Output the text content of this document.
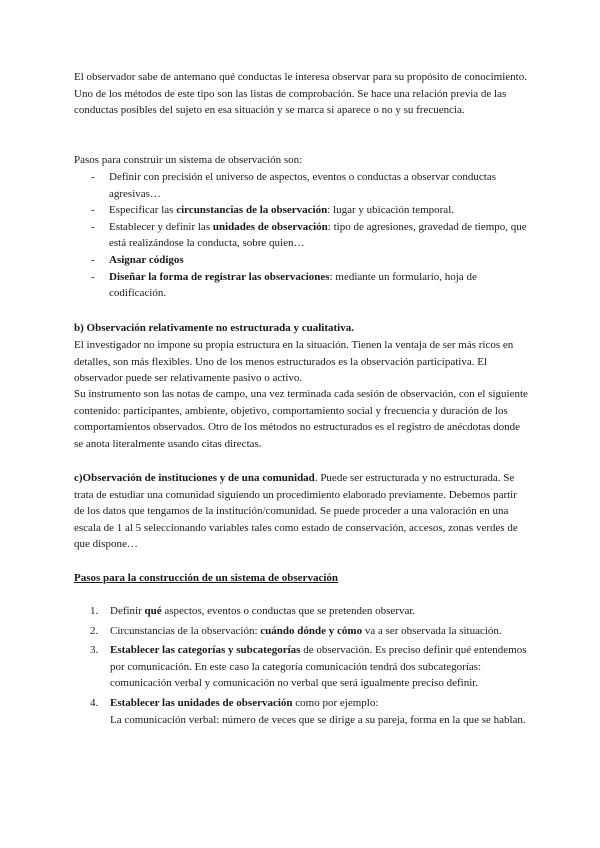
El observador sabe de antemano qué conductas le interesa observar para su propósito de conocimiento. Uno de los métodos de este tipo son las listas de comprobación. Se hace una relación previa de las conductas posibles del sujeto en esa situación y se marca si aparece o no y su frecuencia.

Pasos para construir un sistema de observación son:

- Definir con precisión el universo de aspectos, eventos o conductas a observar conductas agresivas…
- Especificar las circunstancias de la observación: lugar y ubicación temporal.
- Establecer y definir las unidades de observación: tipo de agresiones, gravedad de tiempo, que está realizándose la conducta, sobre quien…
- Asignar códigos
- Diseñar la forma de registrar las observaciones: mediante un formulario, hoja de codificación.

b) Observación relativamente no estructurada y cualitativa.

El investigador no impone su propia estructura en la situación. Tienen la ventaja de ser más ricos en detalles, son más flexibles. Uno de los menos estructurados es la observación participativa. El observador puede ser relativamente pasivo o activo.

Su instrumento son las notas de campo, una vez terminada cada sesión de observación, con el siguiente contenido: participantes, ambiente, objetivo, comportamiento social y frecuencia y duración de los comportamientos observados. Otro de los métodos no estructurados es el registro de anécdotas donde se anota literalmente usando citas directas.

c)Observación de instituciones y de una comunidad. Puede ser estructurada y no estructurada. Se trata de estudiar una comunidad siguiendo un procedimiento elaborado previamente. Debemos partir de los datos que tengamos de la institución/comunidad. Se puede proceder a una valoración en una escala de 1 al 5 seleccionando variables tales como estado de conservación, accesos, zonas verdes de que dispone…

Pasos para la construcción de un sistema de observación

1. Definir qué aspectos, eventos o conductas que se pretenden observar.
2. Circunstancias de la observación: cuándo dónde y cómo va a ser observada la situación.
3. Establecer las categorías y subcategorías de observación. Es preciso definir qué entendemos por comunicación. En este caso la categoría comunicación tendrá dos subcategorías: comunicación verbal y comunicación no verbal que será igualmente preciso definir.
4. Establecer las unidades de observación como por ejemplo:
La comunicación verbal: número de veces que se dirige a su pareja, forma en la que se hablan.
